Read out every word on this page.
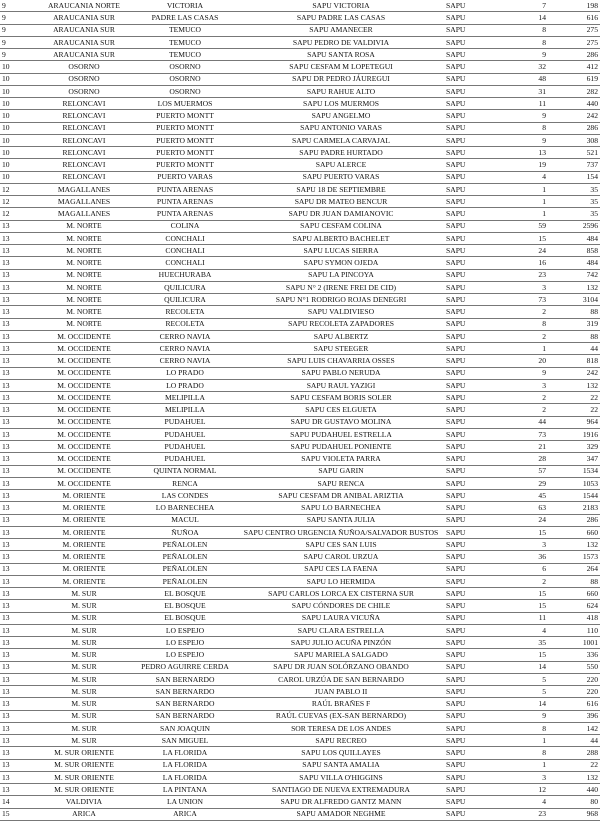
9	ARAUCANIA NORTE	VICTORIA	SAPU VICTORIA	SAPU	7	198
9	ARAUCANIA SUR	PADRE LAS CASAS	SAPU PADRE LAS CASAS	SAPU	14	616
9	ARAUCANIA SUR	TEMUCO	SAPU AMANECER	SAPU	8	275
9	ARAUCANIA SUR	TEMUCO	SAPU PEDRO DE VALDIVIA	SAPU	8	275
9	ARAUCANIA SUR	TEMUCO	SAPU SANTA ROSA	SAPU	9	286
10	OSORNO	OSORNO	SAPU CESFAM M LOPETEGUI	SAPU	32	412
10	OSORNO	OSORNO	SAPU DR PEDRO JÁUREGUI	SAPU	48	619
10	OSORNO	OSORNO	SAPU RAHUE ALTO	SAPU	31	282
10	RELONCAVI	LOS MUERMOS	SAPU LOS MUERMOS	SAPU	11	440
10	RELONCAVI	PUERTO MONTT	SAPU ANGELMO	SAPU	9	242
10	RELONCAVI	PUERTO MONTT	SAPU ANTONIO VARAS	SAPU	8	286
10	RELONCAVI	PUERTO MONTT	SAPU CARMELA CARVAJAL	SAPU	9	308
10	RELONCAVI	PUERTO MONTT	SAPU PADRE HURTADO	SAPU	13	521
10	RELONCAVI	PUERTO MONTT	SAPU ALERCE	SAPU	19	737
10	RELONCAVI	PUERTO VARAS	SAPU PUERTO VARAS	SAPU	4	154
12	MAGALLANES	PUNTA ARENAS	SAPU 18 DE SEPTIEMBRE	SAPU	1	35
12	MAGALLANES	PUNTA ARENAS	SAPU DR MATEO BENCUR	SAPU	1	35
12	MAGALLANES	PUNTA ARENAS	SAPU DR JUAN DAMIANOVIC	SAPU	1	35
13	M. NORTE	COLINA	SAPU CESFAM COLINA	SAPU	59	2596
13	M. NORTE	CONCHALI	SAPU ALBERTO BACHELET	SAPU	15	484
13	M. NORTE	CONCHALI	SAPU LUCAS SIERRA	SAPU	24	858
13	M. NORTE	CONCHALI	SAPU SYMON OJEDA	SAPU	16	484
13	M. NORTE	HUECHURABA	SAPU LA PINCOYA	SAPU	23	742
13	M. NORTE	QUILICURA	SAPU N° 2 (IRENE FREI DE CID)	SAPU	3	132
13	M. NORTE	QUILICURA	SAPU N°1 RODRIGO ROJAS DENEGRI	SAPU	73	3104
13	M. NORTE	RECOLETA	SAPU VALDIVIESO	SAPU	2	88
13	M. NORTE	RECOLETA	SAPU RECOLETA ZAPADORES	SAPU	8	319
13	M. OCCIDENTE	CERRO NAVIA	SAPU ALBERTZ	SAPU	2	88
13	M. OCCIDENTE	CERRO NAVIA	SAPU STEEGER	SAPU	1	44
13	M. OCCIDENTE	CERRO NAVIA	SAPU LUIS CHAVARRIA OSSES	SAPU	20	818
13	M. OCCIDENTE	LO PRADO	SAPU PABLO NERUDA	SAPU	9	242
13	M. OCCIDENTE	LO PRADO	SAPU RAUL YAZIGI	SAPU	3	132
13	M. OCCIDENTE	MELIPILLA	SAPU CESFAM BORIS SOLER	SAPU	2	22
13	M. OCCIDENTE	MELIPILLA	SAPU CES ELGUETA	SAPU	2	22
13	M. OCCIDENTE	PUDAHUEL	SAPU DR GUSTAVO MOLINA	SAPU	44	964
13	M. OCCIDENTE	PUDAHUEL	SAPU PUDAHUEL ESTRELLA	SAPU	73	1916
13	M. OCCIDENTE	PUDAHUEL	SAPU PUDAHUEL PONIENTE	SAPU	21	329
13	M. OCCIDENTE	PUDAHUEL	SAPU VIOLETA PARRA	SAPU	28	347
13	M. OCCIDENTE	QUINTA NORMAL	SAPU GARIN	SAPU	57	1534
13	M. OCCIDENTE	RENCA	SAPU RENCA	SAPU	29	1053
13	M. ORIENTE	LAS CONDES	SAPU CESFAM DR ANIBAL ARIZTIA	SAPU	45	1544
13	M. ORIENTE	LO BARNECHEA	SAPU LO BARNECHEA	SAPU	63	2183
13	M. ORIENTE	MACUL	SAPU SANTA JULIA	SAPU	24	286
13	M. ORIENTE	ÑUÑOA	SAPU CENTRO URGENCIA ÑUÑOA/SALVADOR BUSTOS	SAPU	15	660
13	M. ORIENTE	PEÑALOLEN	SAPU CES SAN LUIS	SAPU	3	132
13	M. ORIENTE	PEÑALOLEN	SAPU CAROL URZUA	SAPU	36	1573
13	M. ORIENTE	PEÑALOLEN	SAPU CES LA FAENA	SAPU	6	264
13	M. ORIENTE	PEÑALOLEN	SAPU LO HERMIDA	SAPU	2	88
13	M. SUR	EL BOSQUE	SAPU CARLOS LORCA EX CISTERNA SUR	SAPU	15	660
13	M. SUR	EL BOSQUE	SAPU CÓNDORES DE CHILE	SAPU	15	624
13	M. SUR	EL BOSQUE	SAPU LAURA VICUÑA	SAPU	11	418
13	M. SUR	LO ESPEJO	SAPU CLARA ESTRELLA	SAPU	4	110
13	M. SUR	LO ESPEJO	SAPU JULIO ACUÑA PINZÓN	SAPU	35	1001
13	M. SUR	LO ESPEJO	SAPU MARIELA SALGADO	SAPU	15	336
13	M. SUR	PEDRO AGUIRRE CERDA	SAPU DR JUAN SOLÓRZANO OBANDO	SAPU	14	550
13	M. SUR	SAN BERNARDO	CAROL URZÚA DE SAN BERNARDO	SAPU	5	220
13	M. SUR	SAN BERNARDO	JUAN PABLO II	SAPU	5	220
13	M. SUR	SAN BERNARDO	RAÚL BRAÑES F	SAPU	14	616
13	M. SUR	SAN BERNARDO	RAÚL CUEVAS (EX-SAN BERNARDO)	SAPU	9	396
13	M. SUR	SAN JOAQUIN	SOR TERESA DE LOS ANDES	SAPU	8	142
13	M. SUR	SAN MIGUEL	SAPU RECREO	SAPU	1	44
13	M. SUR ORIENTE	LA FLORIDA	SAPU LOS QUILLAYES	SAPU	8	288
13	M. SUR ORIENTE	LA FLORIDA	SAPU SANTA AMALIA	SAPU	1	22
13	M. SUR ORIENTE	LA FLORIDA	SAPU VILLA O'HIGGINS	SAPU	3	132
13	M. SUR ORIENTE	LA PINTANA	SANTIAGO DE NUEVA EXTREMADURA	SAPU	12	440
14	VALDIVIA	LA UNION	SAPU DR ALFREDO GANTZ MANN	SAPU	4	80
15	ARICA	ARICA	SAPU AMADOR NEGHME	SAPU	23	968
